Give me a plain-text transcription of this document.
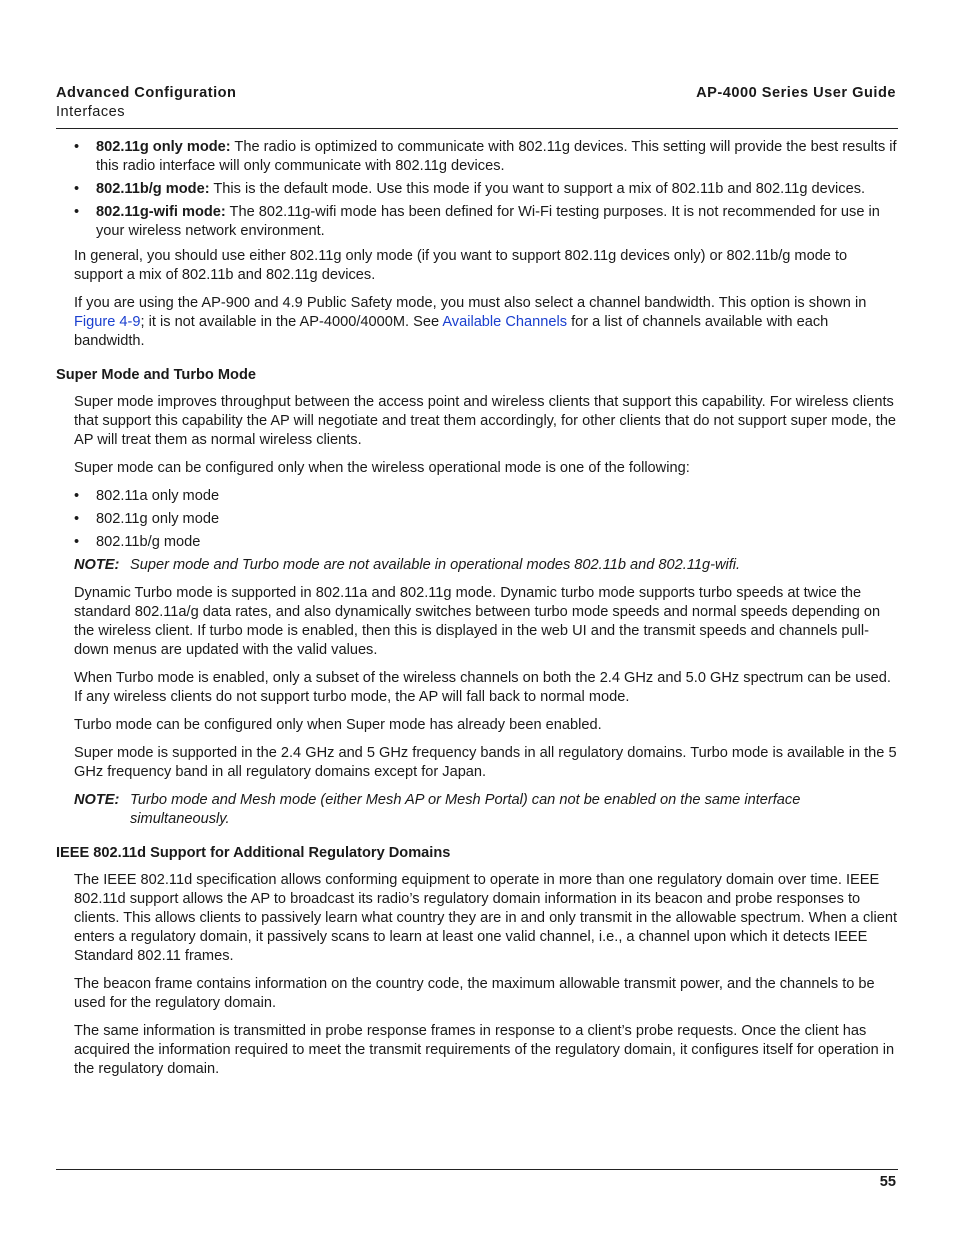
Advanced Configuration
Interfaces
AP-4000 Series User Guide
• 802.11g only mode: The radio is optimized to communicate with 802.11g devices. This setting will provide the best results if this radio interface will only communicate with 802.11g devices.
• 802.11b/g mode: This is the default mode. Use this mode if you want to support a mix of 802.11b and 802.11g devices.
• 802.11g-wifi mode: The 802.11g-wifi mode has been defined for Wi-Fi testing purposes. It is not recommended for use in your wireless network environment.

In general, you should use either 802.11g only mode (if you want to support 802.11g devices only) or 802.11b/g mode to support a mix of 802.11b and 802.11g devices.

If you are using the AP-900 and 4.9 Public Safety mode, you must also select a channel bandwidth. This option is shown in Figure 4-9; it is not available in the AP-4000/4000M. See Available Channels for a list of channels available with each bandwidth.

Super Mode and Turbo Mode

Super mode improves throughput between the access point and wireless clients that support this capability. For wireless clients that support this capability the AP will negotiate and treat them accordingly, for other clients that do not support super mode, the AP will treat them as normal wireless clients.

Super mode can be configured only when the wireless operational mode is one of the following:

• 802.11a only mode
• 802.11g only mode
• 802.11b/g mode
NOTE: Super mode and Turbo mode are not available in operational modes 802.11b and 802.11g-wifi.

Dynamic Turbo mode is supported in 802.11a and 802.11g mode. Dynamic turbo mode supports turbo speeds at twice the standard 802.11a/g data rates, and also dynamically switches between turbo mode speeds and normal speeds depending on the wireless client. If turbo mode is enabled, then this is displayed in the web UI and the transmit speeds and channels pull-down menus are updated with the valid values.

When Turbo mode is enabled, only a subset of the wireless channels on both the 2.4 GHz and 5.0 GHz spectrum can be used. If any wireless clients do not support turbo mode, the AP will fall back to normal mode.

Turbo mode can be configured only when Super mode has already been enabled.

Super mode is supported in the 2.4 GHz and 5 GHz frequency bands in all regulatory domains. Turbo mode is available in the 5 GHz frequency band in all regulatory domains except for Japan.

NOTE: Turbo mode and Mesh mode (either Mesh AP or Mesh Portal) can not be enabled on the same interface simultaneously.
IEEE 802.11d Support for Additional Regulatory Domains

The IEEE 802.11d specification allows conforming equipment to operate in more than one regulatory domain over time. IEEE 802.11d support allows the AP to broadcast its radio’s regulatory domain information in its beacon and probe responses to clients. This allows clients to passively learn what country they are in and only transmit in the allowable spectrum. When a client enters a regulatory domain, it passively scans to learn at least one valid channel, i.e., a channel upon which it detects IEEE Standard 802.11 frames.

The beacon frame contains information on the country code, the maximum allowable transmit power, and the channels to be used for the regulatory domain.

The same information is transmitted in probe response frames in response to a client’s probe requests. Once the client has acquired the information required to meet the transmit requirements of the regulatory domain, it configures itself for operation in the regulatory domain.

55
